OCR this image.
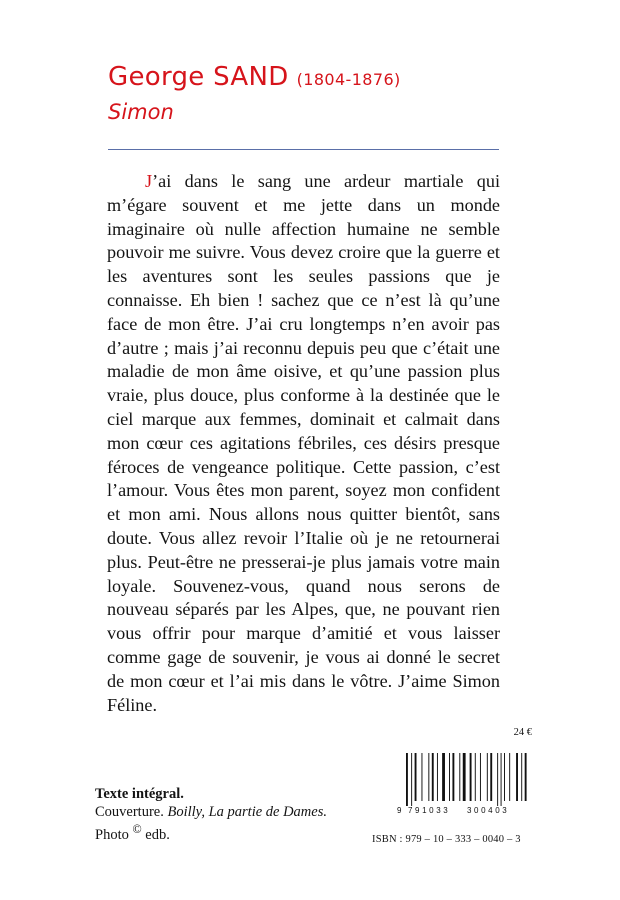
George SAND (1804-1876)
Simon

J’ai dans le sang une ardeur martiale qui m’égare souvent et me jette dans un monde imaginaire où nulle affection humaine ne semble pouvoir me suivre. Vous devez croire que la guerre et les aventures sont les seules passions que je connaisse. Eh bien ! sachez que ce n’est là qu’une face de mon être. J’ai cru longtemps n’en avoir pas d’autre ; mais j’ai reconnu depuis peu que c’était une maladie de mon âme oisive, et qu’une passion plus vraie, plus douce, plus conforme à la destinée que le ciel marque aux femmes, dominait et calmait dans mon cœur ces agitations fébriles, ces désirs presque féroces de vengeance politique. Cette passion, c’est l’amour. Vous êtes mon parent, soyez mon confident et mon ami. Nous allons nous quitter bientôt, sans doute. Vous allez revoir l’Italie où je ne retournerai plus. Peut-être ne presserai-je plus jamais votre main loyale. Souvenez-vous, quand nous serons de nouveau séparés par les Alpes, que, ne pouvant rien vous offrir pour marque d’amitié et vous laisser comme gage de souvenir, je vous ai donné le secret de mon cœur et l’ai mis dans le vôtre. J’aime Simon Féline.

24 €
Texte intégral.
Couverture. Boilly, La partie de Dames.
Photo © edb.
9 791033 300403
ISBN : 979 – 10 – 333 – 0040 – 3
